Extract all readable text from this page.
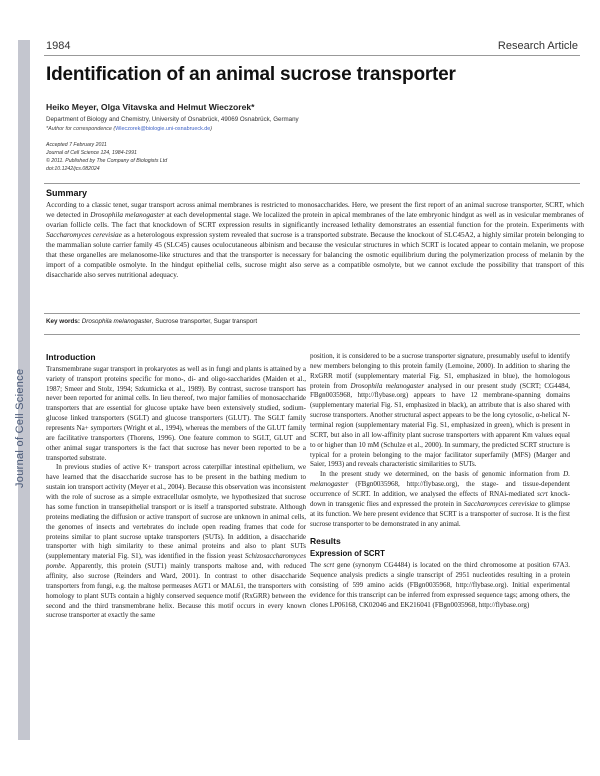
Journal of Cell Science
1984	Research Article
Identification of an animal sucrose transporter
Heiko Meyer, Olga Vitavska and Helmut Wieczorek*
Department of Biology and Chemistry, University of Osnabrück, 49069 Osnabrück, Germany
*Author for correspondence (Wieczorek@biologie.uni-osnabrueck.de)
Accepted 7 February 2011
Journal of Cell Science 124, 1984-1991
© 2011. Published by The Company of Biologists Ltd
doi:10.1242/jcs.082024
Summary
According to a classic tenet, sugar transport across animal membranes is restricted to monosaccharides. Here, we present the first report of an animal sucrose transporter, SCRT, which we detected in Drosophila melanogaster at each developmental stage. We localized the protein in apical membranes of the late embryonic hindgut as well as in vesicular membranes of ovarian follicle cells. The fact that knockdown of SCRT expression results in significantly increased lethality demonstrates an essential function for the protein. Experiments with Saccharomyces cerevisiae as a heterologous expression system revealed that sucrose is a transported substrate. Because the knockout of SLC45A2, a highly similar protein belonging to the mammalian solute carrier family 45 (SLC45) causes oculocutaneous albinism and because the vesicular structures in which SCRT is located appear to contain melanin, we propose that these organelles are melanosome-like structures and that the transporter is necessary for balancing the osmotic equilibrium during the polymerization process of melanin by the import of a compatible osmolyte. In the hindgut epithelial cells, sucrose might also serve as a compatible osmolyte, but we cannot exclude the possibility that transport of this disaccharide also serves nutritional adequacy.
Key words: Drosophila melanogaster, Sucrose transporter, Sugar transport
Introduction

Transmembrane sugar transport in prokaryotes as well as in fungi and plants is attained by a variety of transport proteins specific for mono-, di- and oligo-saccharides (Maiden et al., 1987; Smeer and Stolz, 1994; Szkutnicka et al., 1989). By contrast, sucrose transport has never been reported for animal cells. In lieu thereof, two major families of monosaccharide transporters that are essential for glucose uptake have been extensively studied, sodium-glucose linked transporters (SGLT) and glucose transporters (GLUT). The SGLT family represents Na+ symporters (Wright et al., 1994), whereas the members of the GLUT family are facilitative transporters (Thorens, 1996). One feature common to SGLT, GLUT and other animal sugar transporters is the fact that sucrose has never been reported to be a transported substrate.

In previous studies of active K+ transport across caterpillar intestinal epithelium, we have learned that the disaccharide sucrose has to be present in the bathing medium to sustain ion transport activity (Meyer et al., 2004). Because this observation was inconsistent with the role of sucrose as a simple extracellular osmolyte, we hypothesized that sucrose has some function in transepithelial transport or is itself a transported substrate. Although proteins mediating the diffusion or active transport of sucrose are unknown in animal cells, the genomes of insects and vertebrates do include open reading frames that code for proteins similar to plant sucrose uptake transporters (SUTs). In addition, a disaccharide transporter with high similarity to these animal proteins and also to plant SUTs (supplementary material Fig. S1), was identified in the fission yeast Schizosaccharomyces pombe. Apparently, this protein (SUT1) mainly transports maltose and, with reduced affinity, also sucrose (Reinders and Ward, 2001). In contrast to other disaccharide transporters from fungi, e.g. the maltose permeases AGT1 or MAL61, the transporters with homology to plant SUTs contain a highly conserved sequence motif (RxGRR) between the second and the third transmembrane helix. Because this motif occurs in every known sucrose transporter at exactly the same

position, it is considered to be a sucrose transporter signature, presumably useful to identify new members belonging to this protein family (Lemoine, 2000). In addition to sharing the RxGRR motif (supplementary material Fig. S1, emphasized in blue), the homologous protein from Drosophila melanogaster analysed in our present study (SCRT; CG4484, FBgn0035968, http://flybase.org) appears to have 12 membrane-spanning domains (supplementary material Fig. S1, emphasized in black), an attribute that is also shared with sucrose transporters. Another structural aspect appears to be the long cytosolic, α-helical N-terminal region (supplementary material Fig. S1, emphasized in green), which is present in SCRT, but also in all low-affinity plant sucrose transporters with apparent Km values equal to or higher than 10 mM (Schulze et al., 2000). In summary, the predicted SCRT structure is typical for a protein belonging to the major facilitator superfamily (MFS) (Marger and Saier, 1993) and reveals characteristic similarities to SUTs.

In the present study we determined, on the basis of genomic information from D. melanogaster (FBgn0035968, http://flybase.org), the stage- and tissue-dependent occurrence of SCRT. In addition, we analysed the effects of RNAi-mediated scrt knock-down in transgenic flies and expressed the protein in Saccharomyces cerevisiae to glimpse at its function. We here present evidence that SCRT is a transporter of sucrose. It is the first sucrose transporter to be demonstrated in any animal.

Results
Expression of SCRT

The scrt gene (synonym CG4484) is located on the third chromosome at position 67A3. Sequence analysis predicts a single transcript of 2951 nucleotides resulting in a protein consisting of 599 amino acids (FBgn0035968, http://flybase.org). Initial experimental evidence for this transcript can be inferred from expressed sequence tags; among others, the clones LP06168, CK02046 and EK216041 (FBgn0035968, http://flybase.org)
